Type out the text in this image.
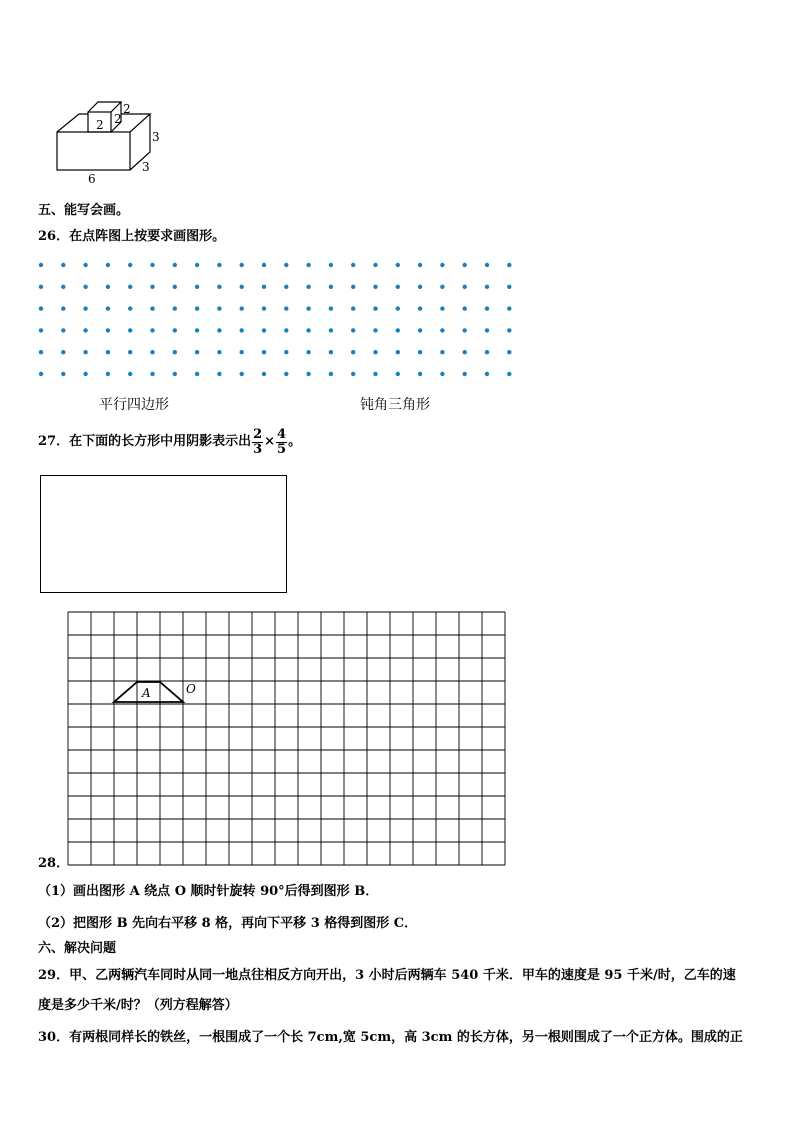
2 2
2
3
3
6
五、能写会画。
26．在点阵图上按要求画图形。
平行四边形	钝角三角形
27．在下面的长方形中用阴影表示出 $\frac{2}{3} \times \frac{4}{5}$ 。
A	O
28．
（1）画出图形 A 绕点 O 顺时针旋转 90°后得到图形 B．
（2）把图形 B 先向右平移 8 格，再向下平移 3 格得到图形 C．
六、解决问题
29．甲、乙两辆汽车同时从同一地点往相反方向开出，3 小时后两辆车 540 千米．甲车的速度是 95 千米/时，乙车的速
度是多少千米/时？（列方程解答）
30．有两根同样长的铁丝，一根围成了一个长 7cm,宽 5cm，高 3cm 的长方体，另一根则围成了一个正方体。围成的正
